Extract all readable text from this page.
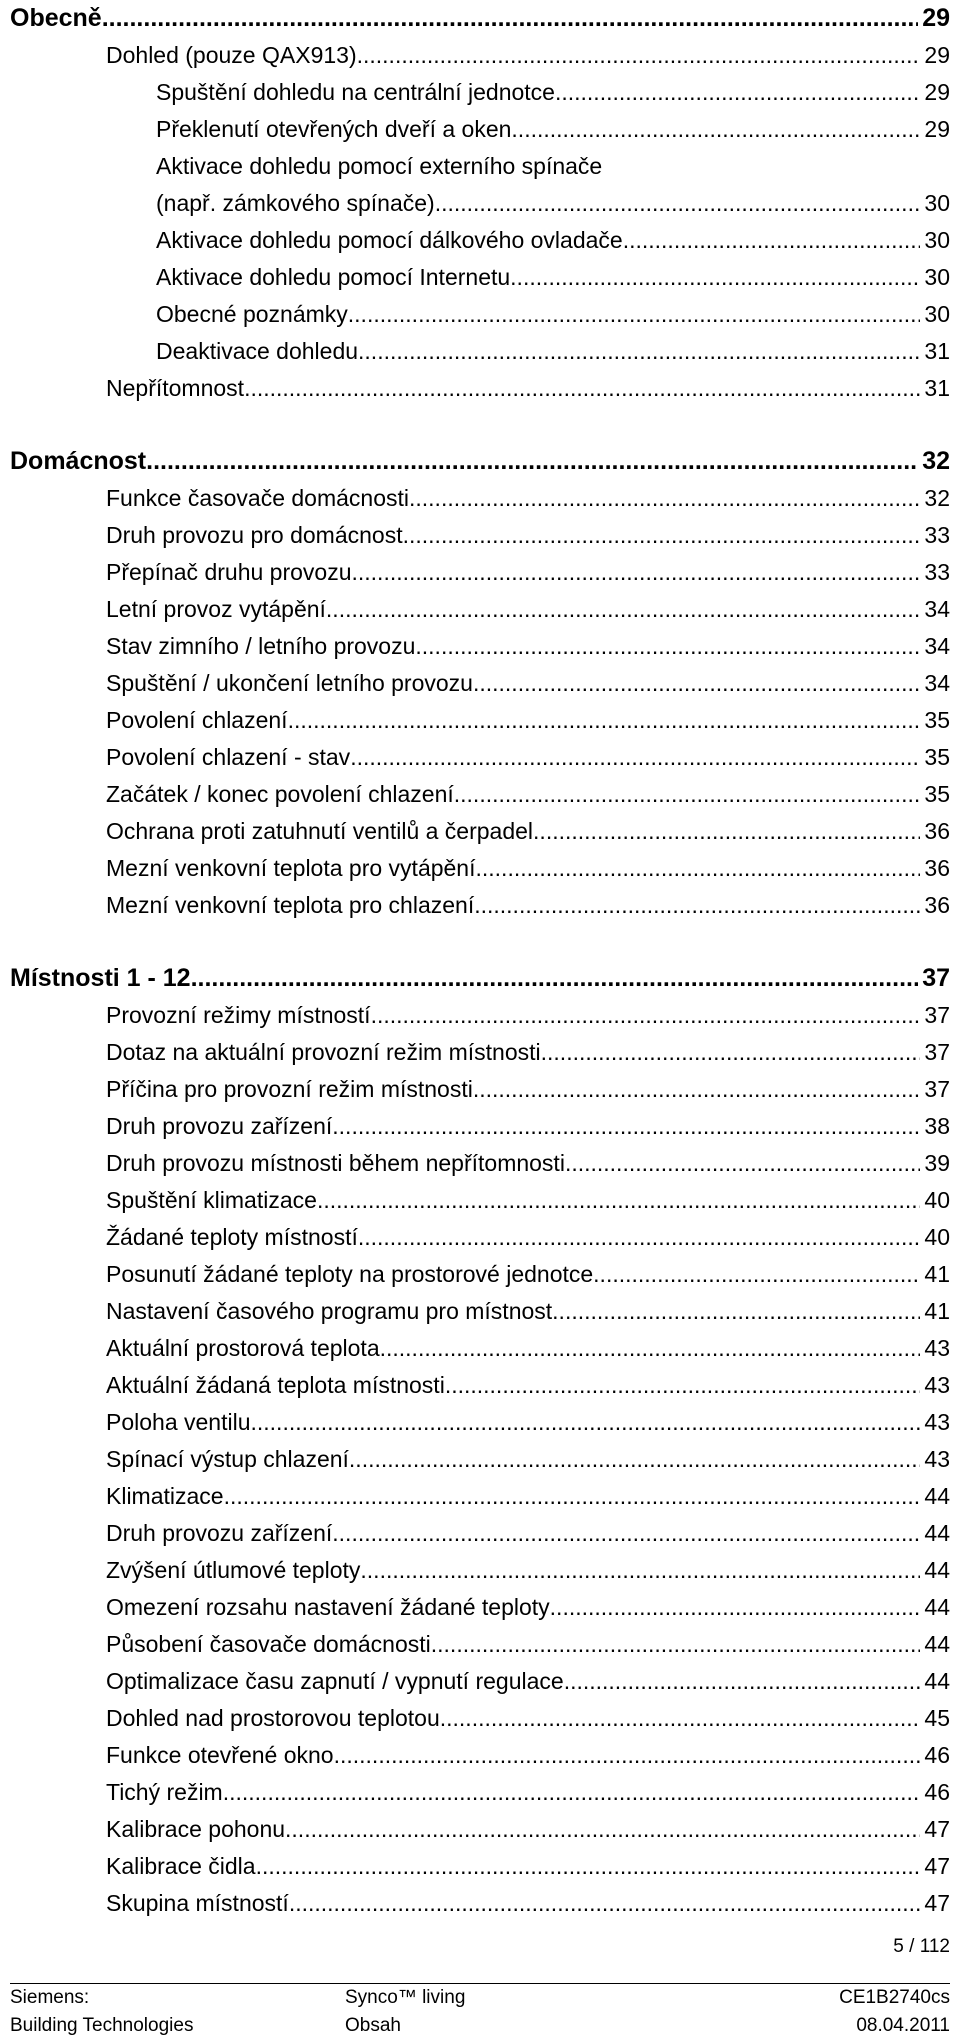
Obecně .....	29
Dohled (pouze QAX913) .....	29
Spuštění dohledu na centrální jednotce .....	29
Překlenutí otevřených dveří a oken .....	29
Aktivace dohledu pomocí externího spínače
(např. zámkového spínače) .....	30
Aktivace dohledu pomocí dálkového ovladače .....	30
Aktivace dohledu pomocí Internetu .....	30
Obecné poznámky .....	30
Deaktivace dohledu .....	31
Nepřítomnost .....	31
Domácnost .....	32
Funkce časovače domácnosti .....	32
Druh provozu pro domácnost .....	33
Přepínač druhu provozu .....	33
Letní provoz vytápění .....	34
Stav zimního / letního provozu .....	34
Spuštění / ukončení letního provozu .....	34
Povolení chlazení .....	35
Povolení chlazení - stav .....	35
Začátek / konec povolení chlazení .....	35
Ochrana proti zatuhnutí ventilů a čerpadel .....	36
Mezní venkovní teplota pro vytápění .....	36
Mezní venkovní teplota pro chlazení .....	36
Místnosti 1 - 12 .....	37
Provozní režimy místností .....	37
Dotaz na aktuální provozní režim místnosti .....	37
Příčina pro provozní režim místnosti .....	37
Druh provozu zařízení .....	38
Druh provozu místnosti během nepřítomnosti .....	39
Spuštění klimatizace .....	40
Žádané teploty místností .....	40
Posunutí žádané teploty na prostorové jednotce .....	41
Nastavení časového programu pro místnost .....	41
Aktuální prostorová teplota .....	43
Aktuální žádaná teplota místnosti .....	43
Poloha ventilu .....	43
Spínací výstup chlazení .....	43
Klimatizace .....	44
Druh provozu zařízení .....	44
Zvýšení útlumové teploty .....	44
Omezení rozsahu nastavení žádané teploty .....	44
Působení časovače domácnosti .....	44
Optimalizace času zapnutí / vypnutí regulace .....	44
Dohled nad prostorovou teplotou .....	45
Funkce otevřené okno .....	46
Tichý režim .....	46
Kalibrace pohonu .....	47
Kalibrace čidla .....	47
Skupina místností .....	47
5 / 112
Siemens:	Synco™ living	CE1B2740cs
Building Technologies	Obsah	08.04.2011
